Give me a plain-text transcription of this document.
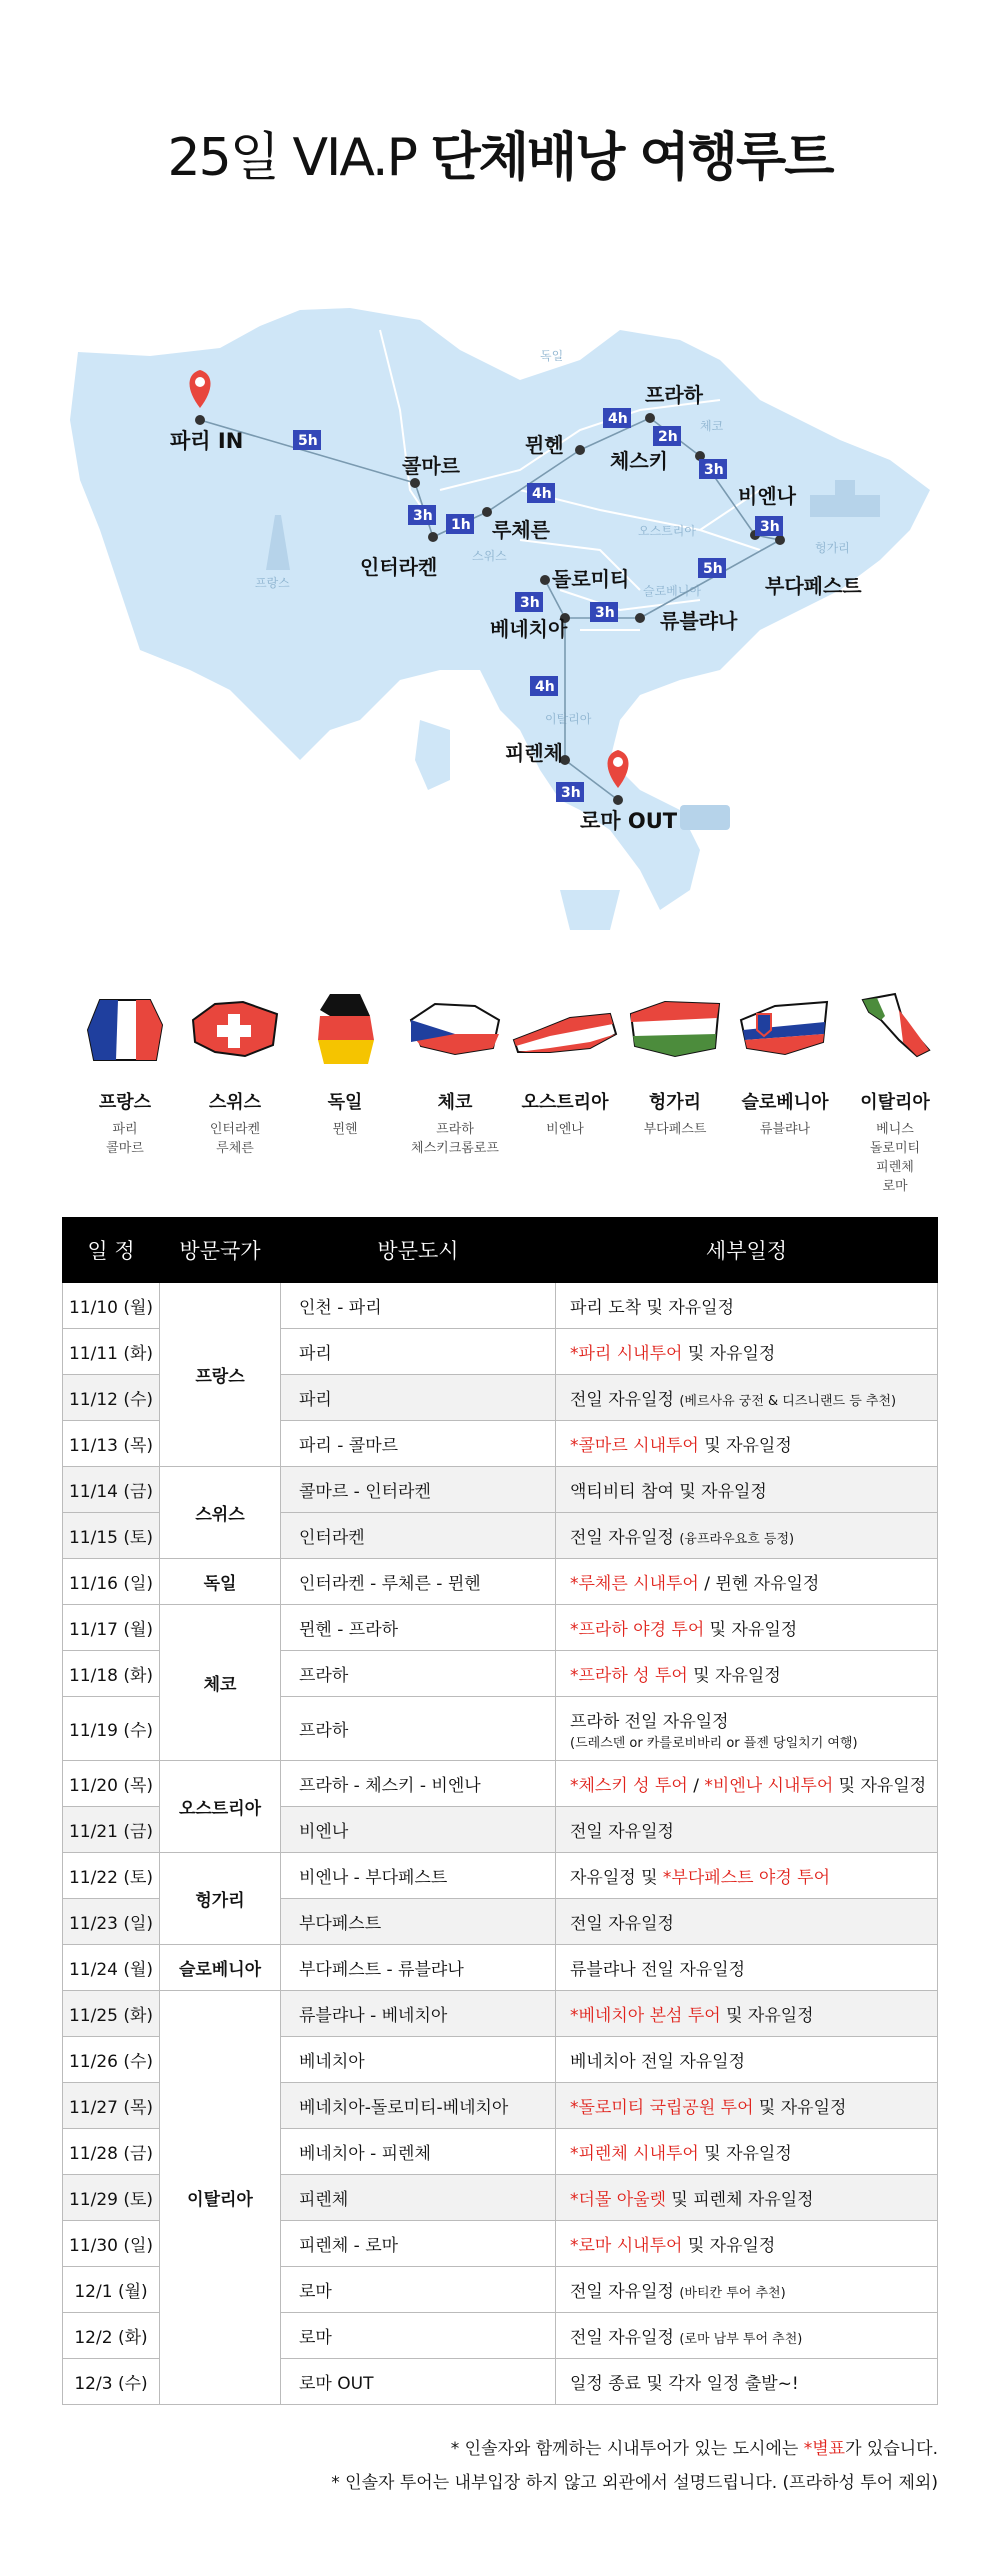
25일 VIA.P 단체배낭 여행루트
독일
체코
오스트리아
스위스
헝가리
슬로베니아
프랑스
이탈리아
파리 IN
콜마르
인터라켄
루체른
뮌헨
프라하
체스키
비엔나
부다페스트
류블랴나
돌로미티
베네치아
피렌체
로마 OUT
5h
3h
1h
4h
4h
2h
3h
3h
5h
3h
3h
4h
3h
프랑스
파리
콜마르
스위스
인터라켄
루체른
독일
뮌헨
체코
프라하
체스키크롬로프
오스트리아
비엔나
헝가리
부다페스트
슬로베니아
류블랴나
이탈리아
베니스
돌로미티
피렌체
로마
일 정	방문국가	방문도시	세부일정
11/10 (월)	프랑스	인천 - 파리	파리 도착 및 자유일정

11/11 (화)		파리	*파리 시내투어 및 자유일정

11/12 (수)		파리	전일 자유일정 (베르사유 궁전 & 디즈니랜드 등 추천)

11/13 (목)		파리 - 콜마르	*콜마르 시내투어 및 자유일정

11/14 (금)	스위스	콜마르 - 인터라켄	액티비티 참여 및 자유일정

11/15 (토)		인터라켄	전일 자유일정 (융프라우요흐 등정)

11/16 (일)	독일	인터라켄 - 루체른 - 뮌헨	*루체른 시내투어 / 뮌헨 자유일정

11/17 (월)	체코	뮌헨 - 프라하	*프라하 야경 투어 및 자유일정

11/18 (화)		프라하	*프라하 성 투어 및 자유일정

11/19 (수)		프라하	프라하 전일 자유일정
(드레스덴 or 카를로비바리 or 플젠 당일치기 여행)

11/20 (목)	오스트리아	프라하 - 체스키 - 비엔나	*체스키 성 투어 / *비엔나 시내투어 및 자유일정

11/21 (금)		비엔나	전일 자유일정

11/22 (토)	헝가리	비엔나 - 부다페스트	자유일정 및 *부다페스트 야경 투어

11/23 (일)		부다페스트	전일 자유일정

11/24 (월)	슬로베니아	부다페스트 - 류블랴나	류블랴나 전일 자유일정

11/25 (화)	이탈리아	류블랴나 - 베네치아	*베네치아 본섬 투어 및 자유일정

11/26 (수)		베네치아	베네치아 전일 자유일정

11/27 (목)		베네치아-돌로미티-베네치아	*돌로미티 국립공원 투어 및 자유일정

11/28 (금)		베네치아 - 피렌체	*피렌체 시내투어 및 자유일정

11/29 (토)		피렌체	*더몰 아울렛 및 피렌체 자유일정

11/30 (일)		피렌체 - 로마	*로마 시내투어 및 자유일정

12/1 (월)		로마	전일 자유일정 (바티칸 투어 추천)

12/2 (화)		로마	전일 자유일정 (로마 남부 투어 추천)

12/3 (수)		로마 OUT	일정 종료 및 각자 일정 출발~!
* 인솔자와 함께하는 시내투어가 있는 도시에는 *별표가 있습니다.
* 인솔자 투어는 내부입장 하지 않고 외관에서 설명드립니다. (프라하성 투어 제외)
